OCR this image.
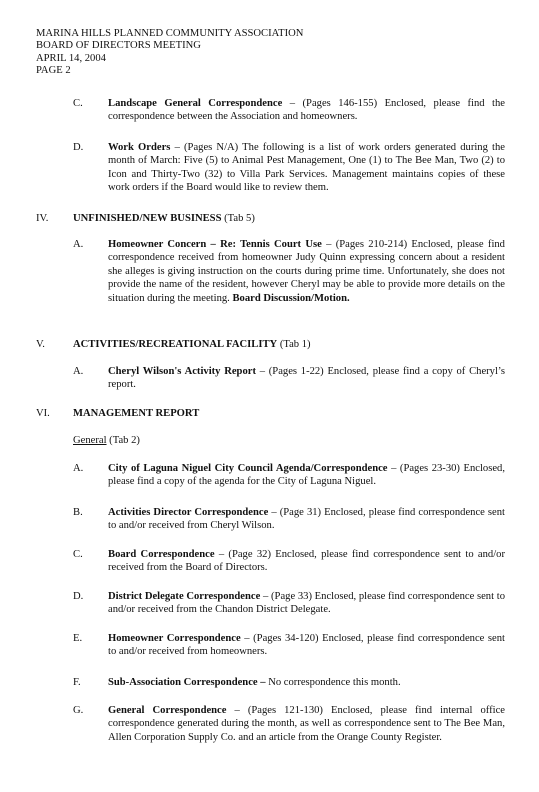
MARINA HILLS PLANNED COMMUNITY ASSOCIATION
BOARD OF DIRECTORS MEETING
APRIL 14, 2004
PAGE 2
C. Landscape General Correspondence – (Pages 146-155) Enclosed, please find the correspondence between the Association and homeowners.
D. Work Orders – (Pages N/A) The following is a list of work orders generated during the month of March: Five (5) to Animal Pest Management, One (1) to The Bee Man, Two (2) to Icon and Thirty-Two (32) to Villa Park Services. Management maintains copies of these work orders if the Board would like to review them.
IV. UNFINISHED/NEW BUSINESS (Tab 5)
A. Homeowner Concern – Re: Tennis Court Use – (Pages 210-214) Enclosed, please find correspondence received from homeowner Judy Quinn expressing concern about a resident she alleges is giving instruction on the courts during prime time. Unfortunately, she does not provide the name of the resident, however Cheryl may be able to provide more details on the situation during the meeting. Board Discussion/Motion.
V.	ACTIVITIES/RECREATIONAL FACILITY (Tab 1)
A. Cheryl Wilson's Activity Report – (Pages 1-22) Enclosed, please find a copy of Cheryl’s report.
VI. MANAGEMENT REPORT
General (Tab 2)
A. City of Laguna Niguel City Council Agenda/Correspondence – (Pages 23-30) Enclosed, please find a copy of the agenda for the City of Laguna Niguel.
B. Activities Director Correspondence – (Page 31) Enclosed, please find correspondence sent to and/or received from Cheryl Wilson.
C. Board Correspondence – (Page 32) Enclosed, please find correspondence sent to and/or received from the Board of Directors.
D. District Delegate Correspondence – (Page 33) Enclosed, please find correspondence sent to and/or received from the Chandon District Delegate.
E. Homeowner Correspondence – (Pages 34-120) Enclosed, please find correspondence sent to and/or received from homeowners.
F.	Sub-Association Correspondence – No correspondence this month.
G. General Correspondence – (Pages 121-130) Enclosed, please find internal office correspondence generated during the month, as well as correspondence sent to The Bee Man, Allen Corporation Supply Co. and an article from the Orange County Register.
